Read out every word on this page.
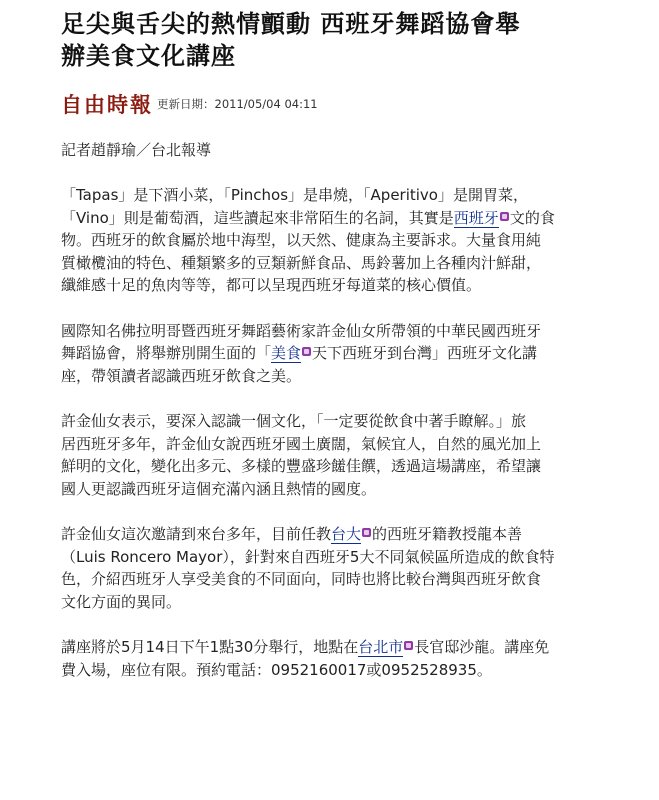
足尖與舌尖的熱情顫動 西班牙舞蹈協會舉
辦美食文化講座
自由時報 更新日期： 2011/05/04 04:11
記者趙靜瑜／台北報導

「Tapas」是下酒小菜，「Pinchos」是串燒，「Aperitivo」是開胃菜，
「Vino」則是葡萄酒，這些讀起來非常陌生的名詞，其實是西班牙 文的食
物。西班牙的飲食屬於地中海型，以天然、健康為主要訴求。大量食用純
質橄欖油的特色、種類繁多的豆類新鮮食品、馬鈴薯加上各種肉汁鮮甜，
纖維感十足的魚肉等等，都可以呈現西班牙每道菜的核心價值。

國際知名佛拉明哥暨西班牙舞蹈藝術家許金仙女所帶領的中華民國西班牙
舞蹈協會，將舉辦別開生面的「美食 天下西班牙到台灣」西班牙文化講
座，帶領讀者認識西班牙飲食之美。

許金仙女表示，要深入認識一個文化，「一定要從飲食中著手瞭解。」旅
居西班牙多年，許金仙女說西班牙國土廣闊，氣候宜人，自然的風光加上
鮮明的文化，變化出多元、多樣的豐盛珍饈佳饌，透過這場講座，希望讓
國人更認識西班牙這個充滿內涵且熱情的國度。

許金仙女這次邀請到來台多年，目前任教台大 的西班牙籍教授龍本善
（Luis Roncero Mayor），針對來自西班牙5大不同氣候區所造成的飲食特
色，介紹西班牙人享受美食的不同面向，同時也將比較台灣與西班牙飲食
文化方面的異同。

講座將於5月14日下午1點30分舉行，地點在台北市 長官邸沙龍。講座免
費入場，座位有限。預約電話：0952160017或0952528935。
